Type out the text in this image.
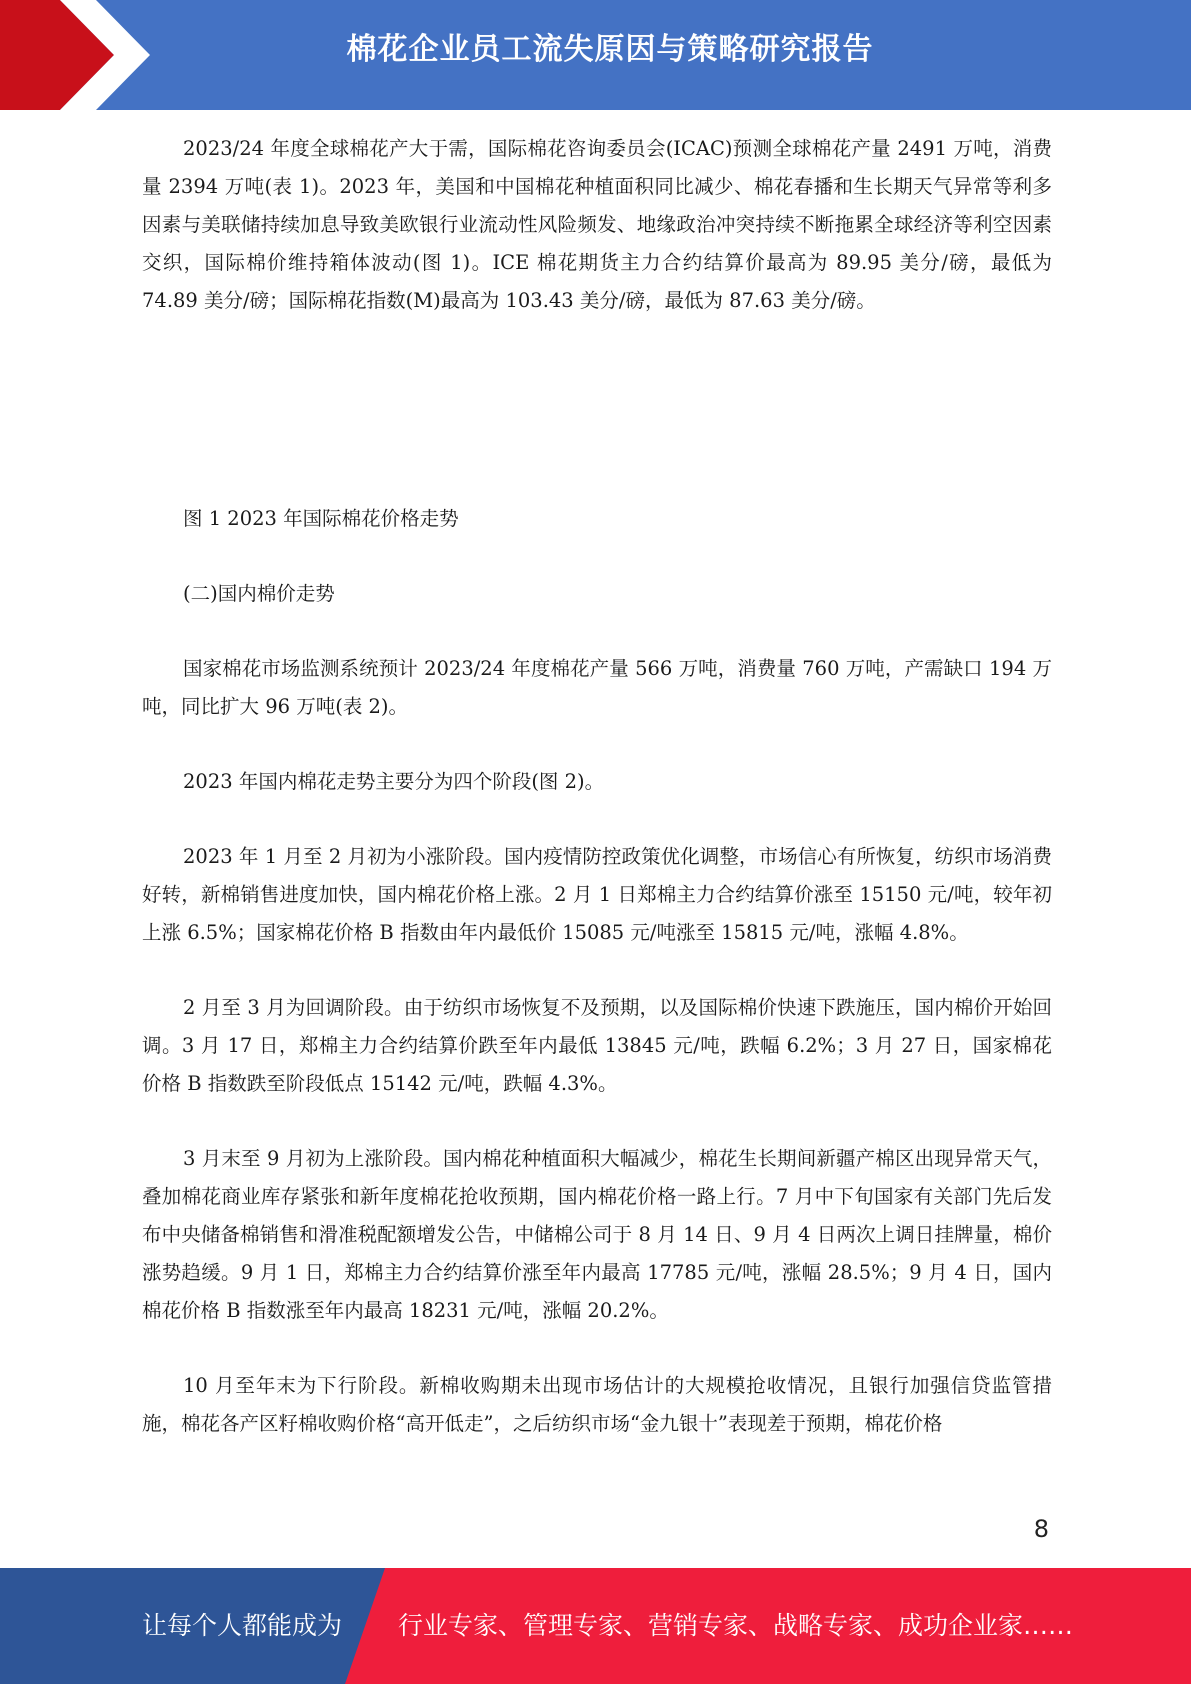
棉花企业员工流失原因与策略研究报告

2023/24 年度全球棉花产大于需，国际棉花咨询委员会(ICAC)预测全球棉花产量 2491 万吨，消费量 2394 万吨(表 1)。2023 年，美国和中国棉花种植面积同比减少、棉花春播和生长期天气异常等利多因素与美联储持续加息导致美欧银行业流动性风险频发、地缘政治冲突持续不断拖累全球经济等利空因素交织，国际棉价维持箱体波动(图 1)。ICE 棉花期货主力合约结算价最高为 89.95 美分/磅，最低为 74.89 美分/磅；国际棉花指数(M)最高为 103.43 美分/磅，最低为 87.63 美分/磅。

图 1 2023 年国际棉花价格走势

(二)国内棉价走势

国家棉花市场监测系统预计 2023/24 年度棉花产量 566 万吨，消费量 760 万吨，产需缺口 194 万吨，同比扩大 96 万吨(表 2)。

2023 年国内棉花走势主要分为四个阶段(图 2)。

2023 年 1 月至 2 月初为小涨阶段。国内疫情防控政策优化调整，市场信心有所恢复，纺织市场消费好转，新棉销售进度加快，国内棉花价格上涨。2 月 1 日郑棉主力合约结算价涨至 15150 元/吨，较年初上涨 6.5%；国家棉花价格 B 指数由年内最低价 15085 元/吨涨至 15815 元/吨，涨幅 4.8%。

2 月至 3 月为回调阶段。由于纺织市场恢复不及预期，以及国际棉价快速下跌施压，国内棉价开始回调。3 月 17 日，郑棉主力合约结算价跌至年内最低 13845 元/吨，跌幅 6.2%；3 月 27 日，国家棉花价格 B 指数跌至阶段低点 15142 元/吨，跌幅 4.3%。

3 月末至 9 月初为上涨阶段。国内棉花种植面积大幅减少，棉花生长期间新疆产棉区出现异常天气，叠加棉花商业库存紧张和新年度棉花抢收预期，国内棉花价格一路上行。7 月中下旬国家有关部门先后发布中央储备棉销售和滑准税配额增发公告，中储棉公司于 8 月 14 日、9 月 4 日两次上调日挂牌量，棉价涨势趋缓。9 月 1 日，郑棉主力合约结算价涨至年内最高 17785 元/吨，涨幅 28.5%；9 月 4 日，国内棉花价格 B 指数涨至年内最高 18231 元/吨，涨幅 20.2%。

10 月至年末为下行阶段。新棉收购期未出现市场估计的大规模抢收情况，且银行加强信贷监管措施，棉花各产区籽棉收购价格“高开低走”，之后纺织市场“金九银十”表现差于预期，棉花价格

8
让每个人都能成为 行业专家、管理专家、营销专家、战略专家、成功企业家……
